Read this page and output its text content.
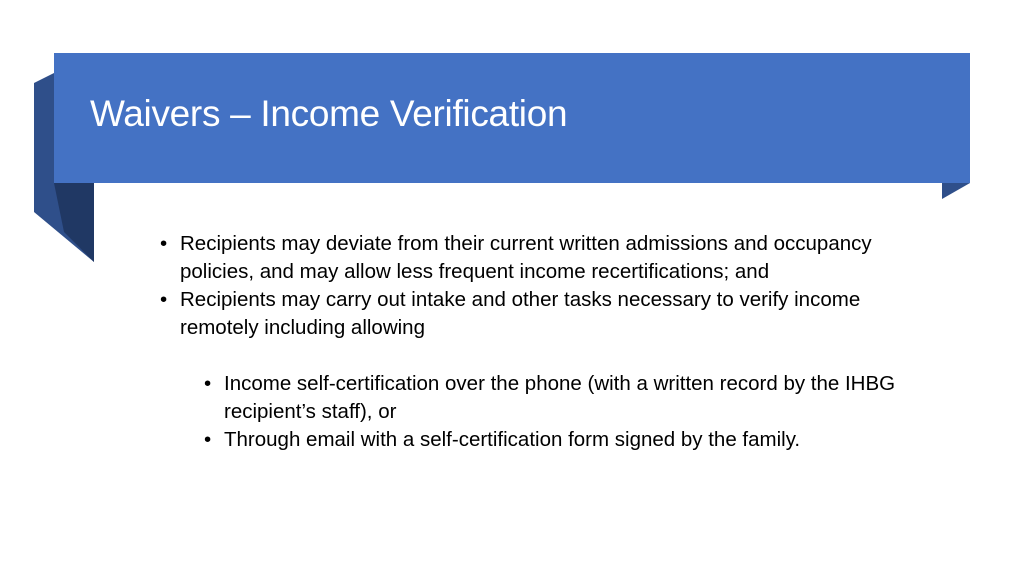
Waivers – Income Verification
• Recipients may deviate from their current written admissions and occupancy policies, and may allow less frequent income recertifications; and
• Recipients may carry out intake and other tasks necessary to verify income remotely including allowing
• Income self-certification over the phone (with a written record by the IHBG recipient’s staff), or
• Through email with a self-certification form signed by the family.
